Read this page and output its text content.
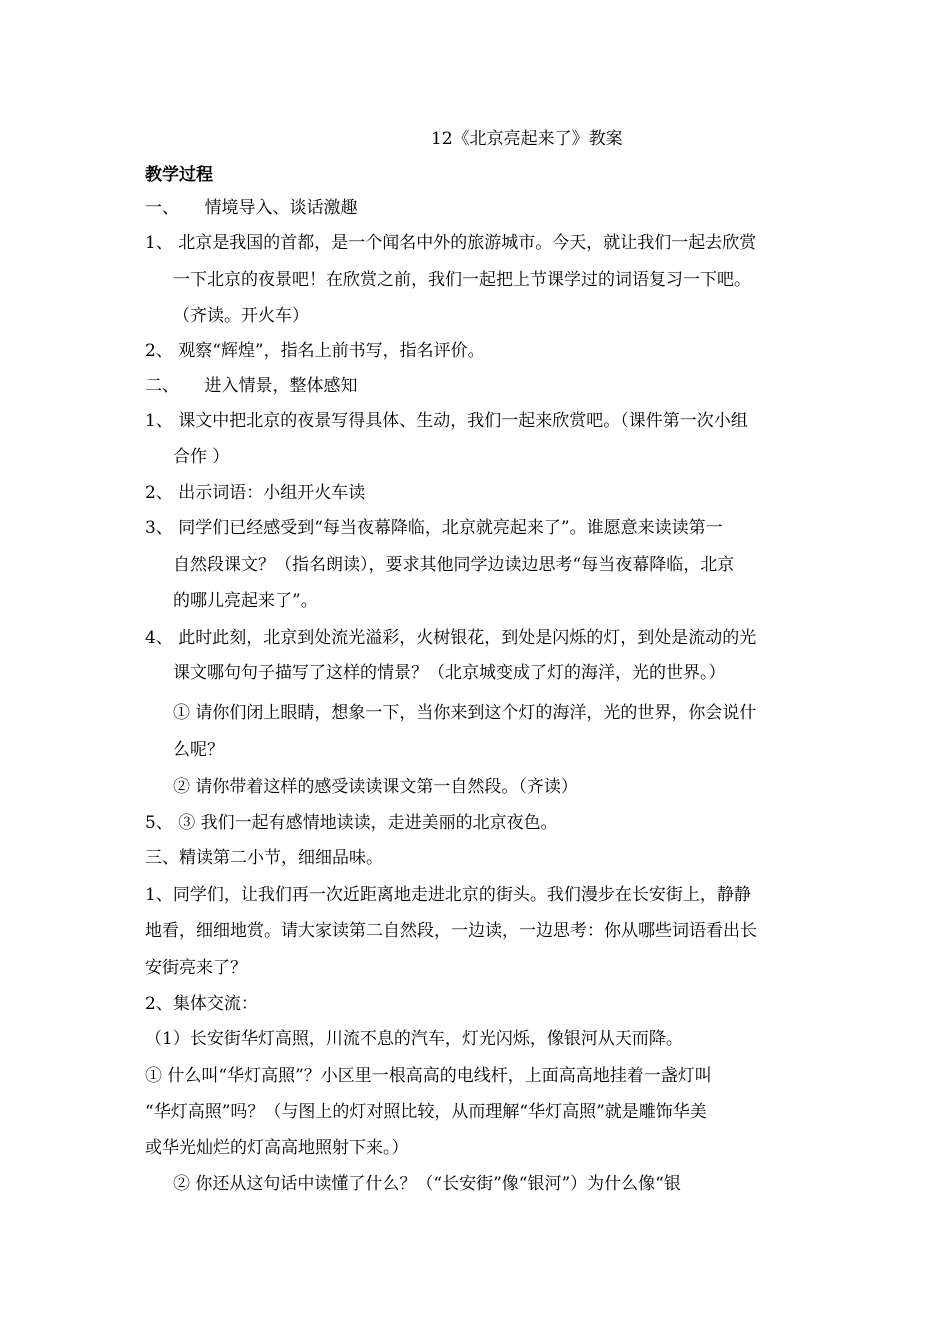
12《北京亮起来了》教案
教学过程
一、　　情境导入、谈话激趣
1、 北京是我国的首都，是一个闻名中外的旅游城市。今天，就让我们一起去欣赏
一下北京的夜景吧！在欣赏之前，我们一起把上节课学过的词语复习一下吧。
（齐读。开火车）
2、 观察“辉煌”，指名上前书写，指名评价。
二、　　进入情景，整体感知
1、 课文中把北京的夜景写得具体、生动，我们一起来欣赏吧。（课件第一次小组
合作 ）
2、 出示词语：小组开火车读
3、 同学们已经感受到“每当夜幕降临，北京就亮起来了”。谁愿意来读读第一
自然段课文？（指名朗读），要求其他同学边读边思考“每当夜幕降临，北京
的哪儿亮起来了”。
4、 此时此刻，北京到处流光溢彩，火树银花，到处是闪烁的灯，到处是流动的光
课文哪句句子描写了这样的情景？（北京城变成了灯的海洋，光的世界。）
① 请你们闭上眼睛，想象一下，当你来到这个灯的海洋，光的世界，你会说什
么呢？
② 请你带着这样的感受读读课文第一自然段。（齐读）
5、 ③ 我们一起有感情地读读，走进美丽的北京夜色。
三、精读第二小节，细细品味。
1、同学们，让我们再一次近距离地走进北京的街头。我们漫步在长安街上，静静
地看，细细地赏。请大家读第二自然段，一边读，一边思考：你从哪些词语看出长
安街亮来了？
2、集体交流：
（1）长安街华灯高照，川流不息的汽车，灯光闪烁，像银河从天而降。
① 什么叫“华灯高照”？小区里一根高高的电线杆，上面高高地挂着一盏灯叫
“华灯高照”吗？（与图上的灯对照比较，从而理解“华灯高照”就是雕饰华美
或华光灿烂的灯高高地照射下来。）
② 你还从这句话中读懂了什么？（“长安街”像“银河”）为什么像“银
